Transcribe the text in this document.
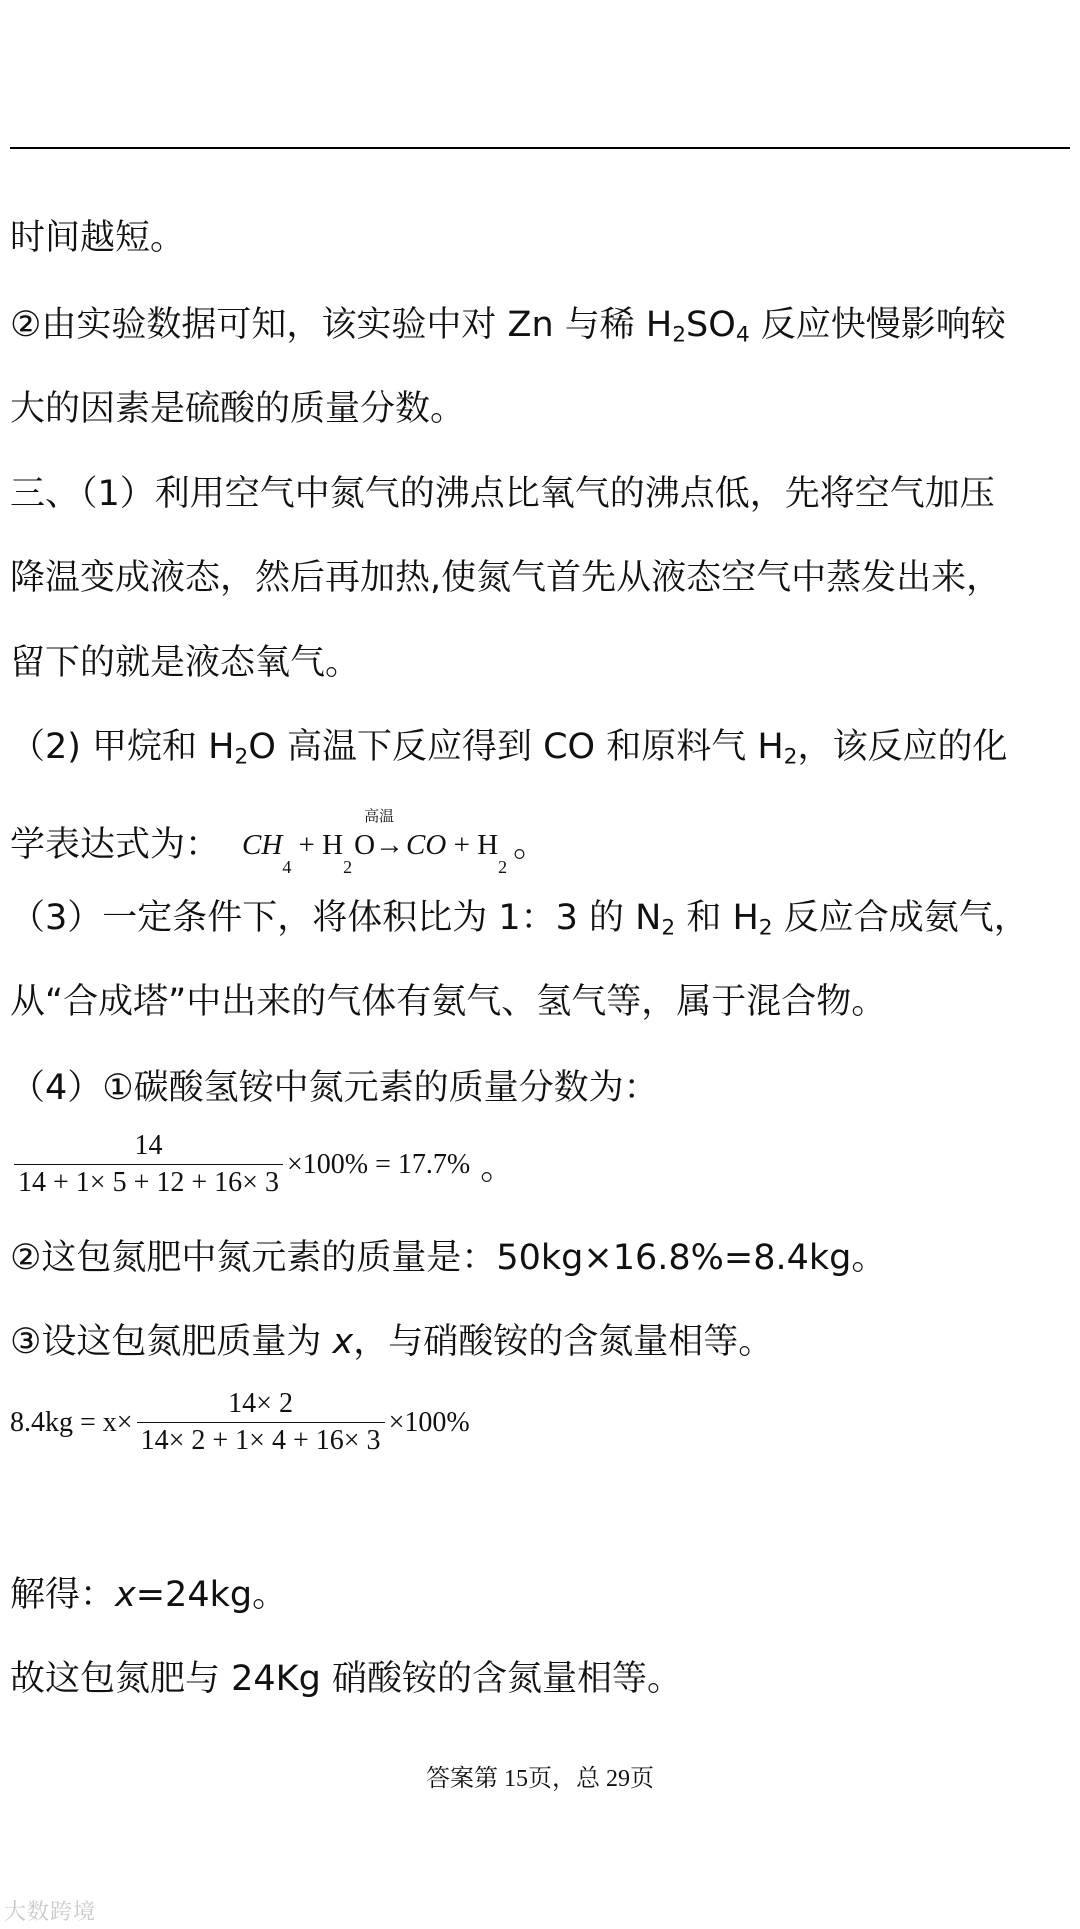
时间越短。
②由实验数据可知，该实验中对 Zn 与稀 $H_2SO_4$ 反应快慢影响较
大的因素是硫酸的质量分数。
三、（1）利用空气中氮气的沸点比氧气的沸点低，先将空气加压
降温变成液态，然后再加热,使氮气首先从液态空气中蒸发出来，
留下的就是液态氧气。
（2) 甲烷和 $H_2O$ 高温下反应得到 CO 和原料气 $H_2$，该反应的化
学表达式为： CH
4
+ H
2
高温
O → CO + H
2
。
（3）一定条件下，将体积比为 1：3 的 $N_2$ 和 $H_2$ 反应合成氨气，
从“合成塔”中出来的气体有氨气、氢气等，属于混合物。
（4）①碳酸氢铵中氮元素的质量分数为：
$\frac{14}{14 + 1\times 5 + 12 + 16\times 3} \times 100\% = 17.7\%$ 。
②这包氮肥中氮元素的质量是：50kg×16.8%=8.4kg。
③设这包氮肥质量为 x，与硝酸铵的含氮量相等。
$8.4kg = x\times \frac{14\times 2}{14\times 2 + 1\times 4 + 16\times 3} \times 100\%$
解得：x=24kg。
故这包氮肥与 24Kg 硝酸铵的含氮量相等。
答案第 15页，总 29页
大数跨境
